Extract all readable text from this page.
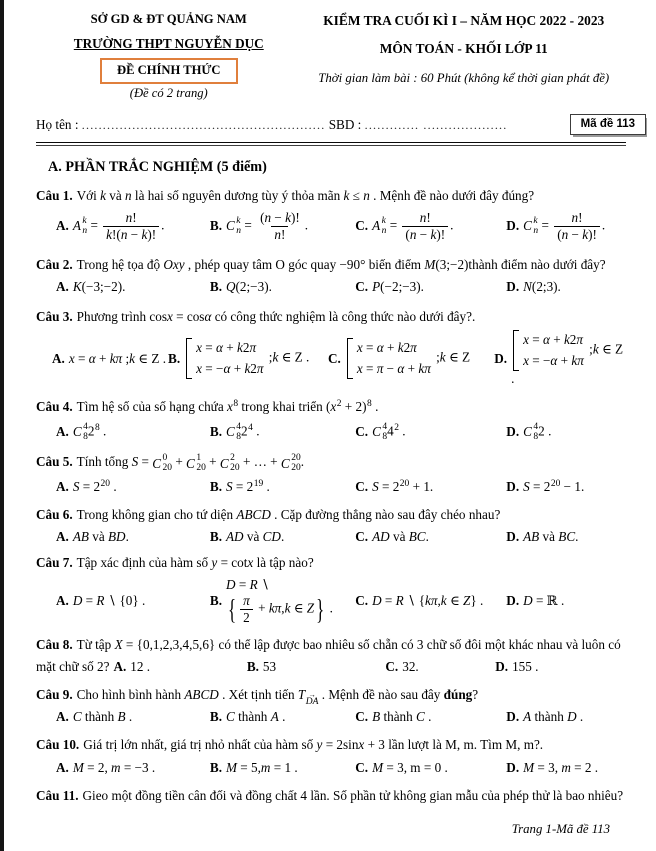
SỞ GD & ĐT QUẢNG NAM
TRƯỜNG THPT NGUYỄN DỤC
ĐỀ CHÍNH THỨC
(Đề có 2 trang)
KIỂM TRA CUỐI KÌ I – NĂM HỌC 2022 - 2023
MÔN TOÁN - KHỐI LỚP 11
Thời gian làm bài : 60 Phút (không kể thời gian phát đề)
Họ tên : .......................................................... SBD : ............. ....................	Mã đề 113
A. PHẦN TRẮC NGHIỆM (5 điểm)
Câu 1. Với k và n là hai số nguyên dương tùy ý thỏa mãn k ≤ n . Mệnh đề nào dưới đây đúng?
A. A k
$n = \frac{n!}{k!(n - k)!}$ .	B. C k
$n = \frac{(n - k)!}{n!}$ .	C. A k
$n = \frac{n!}{(n - k)!}$ .	D. C k
$n = \frac{n!}{(n - k)!}$ .
Câu 2. Trong hệ tọa độ Oxy , phép quay tâm O góc quay −90° biến điểm M(3;−2)thành điểm nào dưới đây?
A. K(−3;−2).	B. Q(2;−3).	C. P(−2;−3).	D. N(2;3).
Câu 3. Phương trình cosx = cosα có công thức nghiệm là công thức nào dưới đây?.
A. x = α + kπ ;k ∈ Z . B.
x = α + k2π
x = −α + k2π
;k ∈ Z . C.
x = α + k2π
x = π − α + kπ
;k ∈ Z D.
x = α + k2π
x = −α + kπ
;k ∈ Z .
Câu 4. Tìm hệ số của số hạng chứa $x^8$ trong khai triển $(x^2 + 2)^8$ .
A. C 4
8 $2^8$ .	B. C 4
8 $2^4$ .	C. C 4
8 $4^2$ .	D. C 4
8 2 .
Câu 5. Tính tổng S = C 0
20 + C 1
20 + C 2
20 + … + C 20
20 .
A. $S = 2^{20}$ .	B. $S = 2^{19}$ .	C. $S = 2^{20} + 1$.	D. $S = 2^{20} - 1$.
Câu 6. Trong không gian cho tứ diện ABCD . Cặp đường thẳng nào sau đây chéo nhau?
A. AB và BD.	B. AD và CD.	C. AD và BC.	D. AB và BC.
Câu 7. Tập xác định của hàm số y = cotx là tập nào?
A. D = R ∖ {0} .	B.
D = R ∖
{ $\frac{\pi}{2} + k\pi,k$ ∈ Z } .	C. D = R ∖ {kπ,k ∈ Z} . D. D = ℝ .
Câu 8. Từ tập X = {0,1,2,3,4,5,6} có thể lập được bao nhiêu số chẵn có 3 chữ số đôi một khác nhau và luôn có
mặt chữ số 2? A. 12 .	B. 53	C. 32.	D. 155 .
Câu 9. Cho hình bình hành ABCD . Xét tịnh tiến T $_{\to DA}$
. Mệnh đề nào sau đây đúng?
A. C thành B .	B. C thành A .	C. B thành C .	D. A thành D .
Câu 10. Giá trị lớn nhất, giá trị nhỏ nhất của hàm số y = 2sinx + 3 lần lượt là M, m. Tìm M, m?.
A. M = 2, m = −3 .	B. M = 5,m = 1 .	C. M = 3, m = 0 .	D. M = 3, m = 2 .
Câu 11. Gieo một đồng tiền cân đối và đồng chất 4 lần. Số phần tử không gian mẫu của phép thử là bao nhiêu?
Trang 1-Mã đề 113
